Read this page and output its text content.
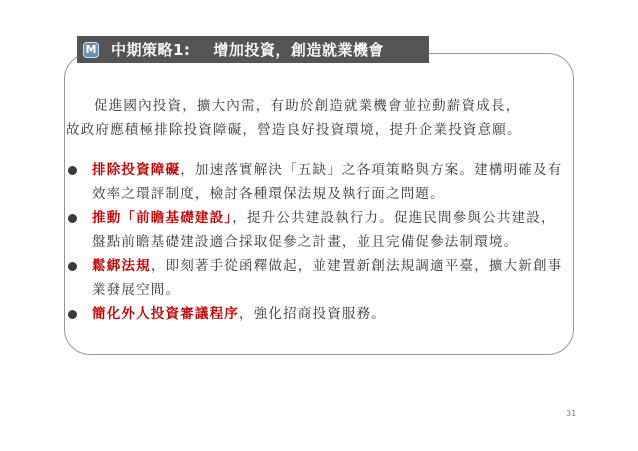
M 中期策略1:    增加投資，創造就業機會
促進國內投資，擴大內需，有助於創造就業機會並拉動薪資成長，
故政府應積極排除投資障礙，營造良好投資環境，提升企業投資意願。
排除投資障礙，加速落實解決「五缺」之各項策略與方案。建構明確及有效率之環評制度，檢討各種環保法規及執行面之問題。
推動「前瞻基礎建設」，提升公共建設執行力。促進民間參與公共建設，盤點前瞻基礎建設適合採取促參之計畫，並且完備促參法制環境。
鬆綁法規，即刻著手從函釋做起，並建置新創法規調適平臺，擴大新創事業發展空間。
簡化外人投資審議程序，強化招商投資服務。
31
